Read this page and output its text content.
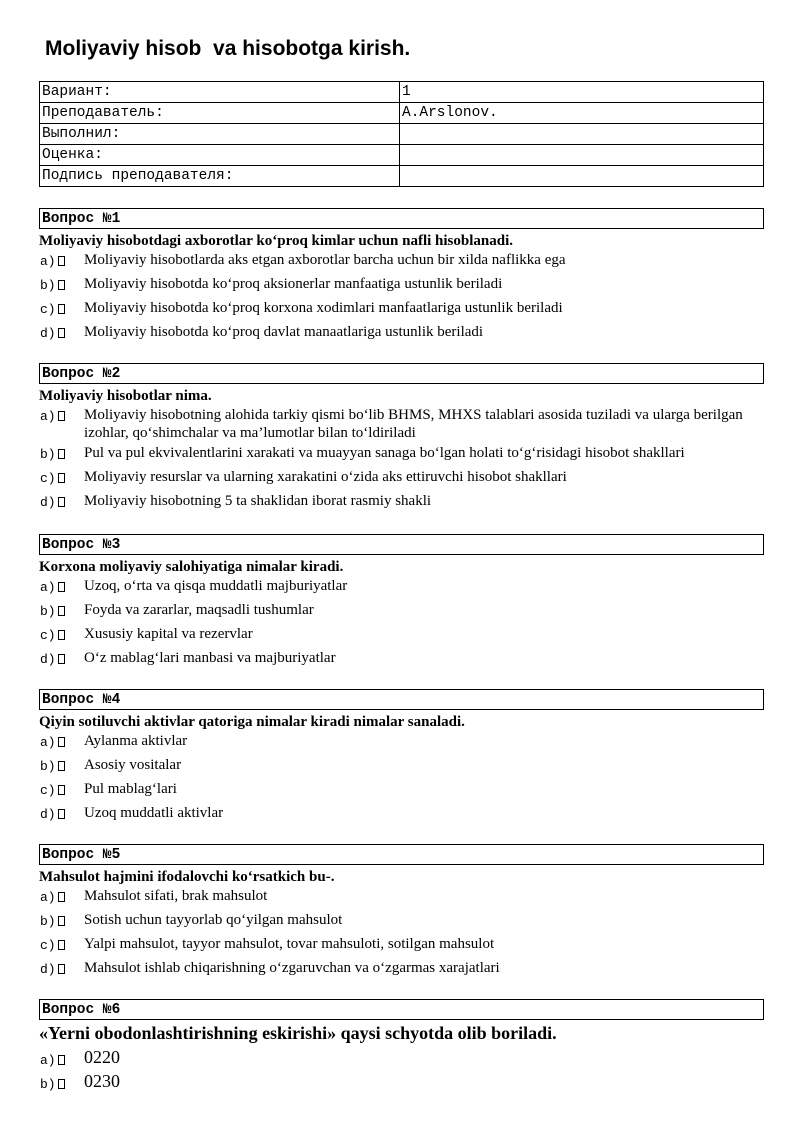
Moliyaviy hisob  va hisobotga kirish.
Вариант:	1
Преподаватель:	A.Arslonov.
Выполнил:	
Оценка:	
Подпись преподавателя:	
Вопрос №1
Moliyaviy hisobotdagi axborotlar ko‘proq kimlar uchun nafli hisoblanadi.
a)	Moliyaviy hisobotlarda aks etgan axborotlar barcha uchun bir xilda naflikka ega
b)	Moliyaviy hisobotda ko‘proq aksionerlar manfaatiga ustunlik beriladi
c)	Moliyaviy hisobotda ko‘proq korxona xodimlari manfaatlariga ustunlik beriladi
d)	Moliyaviy hisobotda ko‘proq davlat manaatlariga ustunlik beriladi
Вопрос №2
Moliyaviy hisobotlar nima.
a)	Moliyaviy hisobotning alohida tarkiy qismi bo‘lib BHMS, MHXS talablari asosida tuziladi va ularga berilgan izohlar, qo‘shimchalar va ma’lumotlar bilan to‘ldiriladi
b)	Pul va pul ekvivalentlarini xarakati va muayyan sanaga bo‘lgan holati to‘g‘risidagi hisobot shakllari
c)	Moliyaviy resurslar va ularning xarakatini o‘zida aks ettiruvchi hisobot shakllari
d)	Moliyaviy hisobotning 5 ta shaklidan iborat rasmiy shakli
Вопрос №3
Korxona moliyaviy salohiyatiga nimalar kiradi.
a)	Uzoq, o‘rta va qisqa muddatli majburiyatlar
b)	Foyda va zararlar, maqsadli tushumlar
c)	Xususiy kapital va rezervlar
d)	O‘z mablag‘lari manbasi va majburiyatlar
Вопрос №4
Qiyin sotiluvchi aktivlar qatoriga nimalar kiradi nimalar sanaladi.
a)	Aylanma aktivlar
b)	Asosiy vositalar
c)	Pul mablag‘lari
d)	Uzoq muddatli aktivlar
Вопрос №5
Mahsulot hajmini ifodalovchi ko‘rsatkich bu-.
a)	Mahsulot sifati, brak mahsulot
b)	Sotish uchun tayyorlab qo‘yilgan mahsulot
c)	Yalpi mahsulot, tayyor mahsulot, tovar mahsuloti, sotilgan mahsulot
d)	Mahsulot ishlab chiqarishning o‘zgaruvchan va o‘zgarmas xarajatlari
Вопрос №6
«Yerni obodonlashtirishning eskirishi» qaysi schyotda olib boriladi.
a)	0220
b)	0230
